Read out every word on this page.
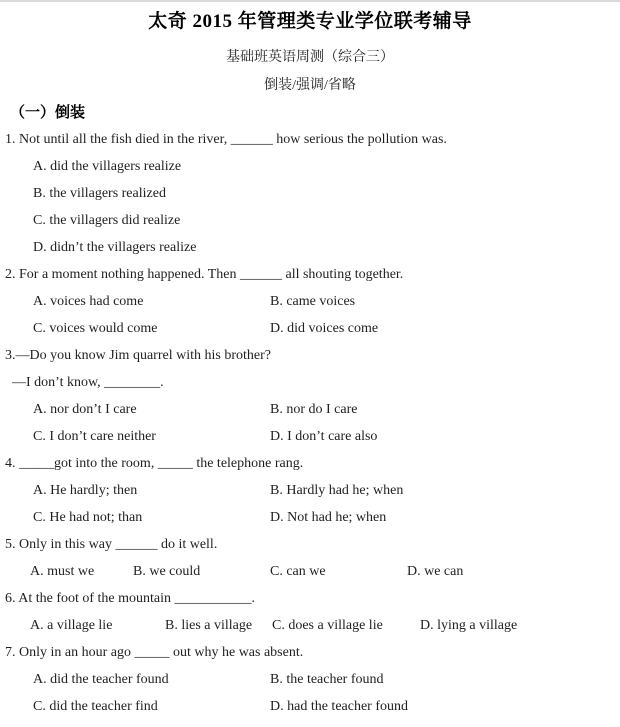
太奇 2015 年管理类专业学位联考辅导
基础班英语周测（综合三）
倒装/强调/省略
（一）倒装
1. Not until all the fish died in the river, ______ how serious the pollution was.
A. did the villagers realize
B. the villagers realized
C. the villagers did realize
D. didn’t the villagers realize
2. For a moment nothing happened. Then ______ all shouting together.
A. voices had come	B. came voices
C. voices would come	D. did voices come
3.—Do you know Jim quarrel with his brother?
—I don’t know, ________.
A. nor don’t I care	B. nor do I care
C. I don’t care neither	D. I don’t care also
4. _____got into the room, _____ the telephone rang.
A. He hardly; then	B. Hardly had he; when
C. He had not; than	D. Not had he; when
5. Only in this way ______ do it well.
A. must we	B. we could	C. can we	D. we can
6. At the foot of the mountain ___________.
A. a village lie	B. lies a village	C. does a village lie	D. lying a village
7. Only in an hour ago _____ out why he was absent.
A. did the teacher found	B. the teacher found
C. did the teacher find	D. had the teacher found
